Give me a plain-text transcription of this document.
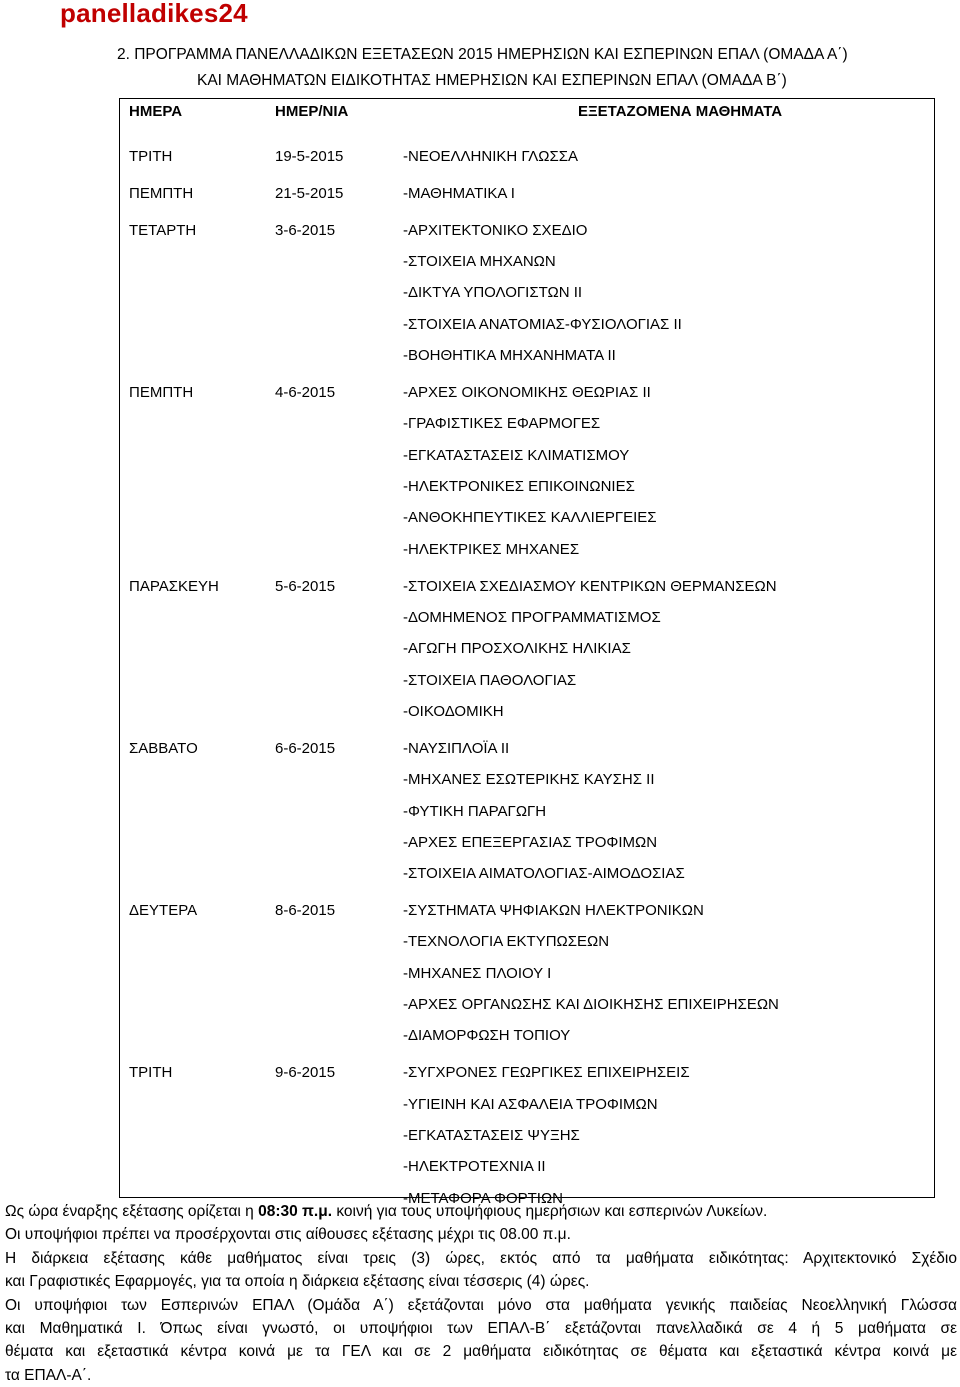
panelladikes24
2. ΠΡΟΓΡΑΜΜΑ ΠΑΝΕΛΛΑΔΙΚΩΝ ΕΞΕΤΑΣΕΩΝ 2015 ΗΜΕΡΗΣΙΩΝ ΚΑΙ ΕΣΠΕΡΙΝΩΝ ΕΠΑΛ (ΟΜΑΔΑ Α΄)
ΚΑΙ ΜΑΘΗΜΑΤΩΝ ΕΙΔΙΚΟΤΗΤΑΣ ΗΜΕΡΗΣΙΩΝ ΚΑΙ ΕΣΠΕΡΙΝΩΝ ΕΠΑΛ (ΟΜΑΔΑ Β΄)
ΗΜΕΡΑ	ΗΜΕΡ/ΝΙΑ	ΕΞΕΤΑΖΟΜΕΝΑ ΜΑΘΗΜΑΤΑ
ΤΡΙΤΗ	19-5-2015	-ΝΕΟΕΛΛΗΝΙΚΗ ΓΛΩΣΣΑ
ΠΕΜΠΤΗ	21-5-2015	-ΜΑΘΗΜΑΤΙΚΑ Ι
ΤΕΤΑΡΤΗ	3-6-2015	-ΑΡΧΙΤΕΚΤΟΝΙΚΟ ΣΧΕΔΙΟ
-ΣΤΟΙΧΕΙΑ ΜΗΧΑΝΩΝ
-ΔΙΚΤΥΑ ΥΠΟΛΟΓΙΣΤΩΝ ΙΙ
-ΣΤΟΙΧΕΙΑ ΑΝΑΤΟΜΙΑΣ-ΦΥΣΙΟΛΟΓΙΑΣ ΙΙ
-ΒΟΗΘΗΤΙΚΑ ΜΗΧΑΝΗΜΑΤΑ ΙΙ
ΠΕΜΠΤΗ	4-6-2015	-ΑΡΧΕΣ ΟΙΚΟΝΟΜΙΚΗΣ ΘΕΩΡΙΑΣ ΙΙ
-ΓΡΑΦΙΣΤΙΚΕΣ ΕΦΑΡΜΟΓΕΣ
-ΕΓΚΑΤΑΣΤΑΣΕΙΣ ΚΛΙΜΑΤΙΣΜΟΥ
-ΗΛΕΚΤΡΟΝΙΚΕΣ ΕΠΙΚΟΙΝΩΝΙΕΣ
-ΑΝΘΟΚΗΠΕΥΤΙΚΕΣ ΚΑΛΛΙΕΡΓΕΙΕΣ
-ΗΛΕΚΤΡΙΚΕΣ ΜΗΧΑΝΕΣ
ΠΑΡΑΣΚΕΥΗ	5-6-2015	-ΣΤΟΙΧΕΙΑ ΣΧΕΔΙΑΣΜΟΥ ΚΕΝΤΡΙΚΩΝ ΘΕΡΜΑΝΣΕΩΝ
-ΔΟΜΗΜΕΝΟΣ ΠΡΟΓΡΑΜΜΑΤΙΣΜΟΣ
-ΑΓΩΓΗ ΠΡΟΣΧΟΛΙΚΗΣ ΗΛΙΚΙΑΣ
-ΣΤΟΙΧΕΙΑ ΠΑΘΟΛΟΓΙΑΣ
-ΟΙΚΟΔΟΜΙΚΗ
ΣΑΒΒΑΤΟ	6-6-2015	-ΝΑΥΣΙΠΛΟΪΑ ΙΙ
-ΜΗΧΑΝΕΣ ΕΣΩΤΕΡΙΚΗΣ ΚΑΥΣΗΣ ΙΙ
-ΦΥΤΙΚΗ ΠΑΡΑΓΩΓΗ
-ΑΡΧΕΣ ΕΠΕΞΕΡΓΑΣΙΑΣ ΤΡΟΦΙΜΩΝ
-ΣΤΟΙΧΕΙΑ ΑΙΜΑΤΟΛΟΓΙΑΣ-ΑΙΜΟΔΟΣΙΑΣ
ΔΕΥΤΕΡΑ	8-6-2015	-ΣΥΣΤΗΜΑΤΑ ΨΗΦΙΑΚΩΝ ΗΛΕΚΤΡΟΝΙΚΩΝ
-ΤΕΧΝΟΛΟΓΙΑ ΕΚΤΥΠΩΣΕΩΝ
-ΜΗΧΑΝΕΣ ΠΛΟΙΟΥ Ι
-ΑΡΧΕΣ ΟΡΓΑΝΩΣΗΣ ΚΑΙ ΔΙΟΙΚΗΣΗΣ ΕΠΙΧΕΙΡΗΣΕΩΝ
-ΔΙΑΜΟΡΦΩΣΗ ΤΟΠΙΟΥ
ΤΡΙΤΗ	9-6-2015	-ΣΥΓΧΡΟΝΕΣ ΓΕΩΡΓΙΚΕΣ ΕΠΙΧΕΙΡΗΣΕΙΣ
-ΥΓΙΕΙΝΗ ΚΑΙ ΑΣΦΑΛΕΙΑ ΤΡΟΦΙΜΩΝ
-ΕΓΚΑΤΑΣΤΑΣΕΙΣ ΨΥΞΗΣ
-ΗΛΕΚΤΡΟΤΕΧΝΙΑ ΙΙ
-ΜΕΤΑΦΟΡΑ ΦΟΡΤΙΩΝ
Ως ώρα έναρξης εξέτασης ορίζεται η 08:30 π.μ. κοινή για τους υποψήφιους ημερήσιων και εσπερινών Λυκείων.
Οι υποψήφιοι πρέπει να προσέρχονται στις αίθουσες εξέτασης μέχρι τις 08.00 π.μ.
Η διάρκεια εξέτασης κάθε μαθήματος είναι τρεις (3) ώρες, εκτός από τα μαθήματα ειδικότητας: Αρχιτεκτονικό Σχέδιο
και Γραφιστικές Εφαρμογές, για τα οποία η διάρκεια εξέτασης είναι τέσσερις (4) ώρες.
Οι υποψήφιοι των Εσπερινών ΕΠΑΛ (Ομάδα Α΄) εξετάζονται μόνο στα μαθήματα γενικής παιδείας Νεοελληνική Γλώσσα
και Μαθηματικά Ι. Όπως είναι γνωστό, οι υποψήφιοι των ΕΠΑΛ-Β΄ εξετάζονται πανελλαδικά σε 4 ή 5 μαθήματα σε
θέματα και εξεταστικά κέντρα κοινά με τα ΓΕΛ και σε 2 μαθήματα ειδικότητας σε θέματα και εξεταστικά κέντρα κοινά με
τα ΕΠΑΛ-Α΄.
